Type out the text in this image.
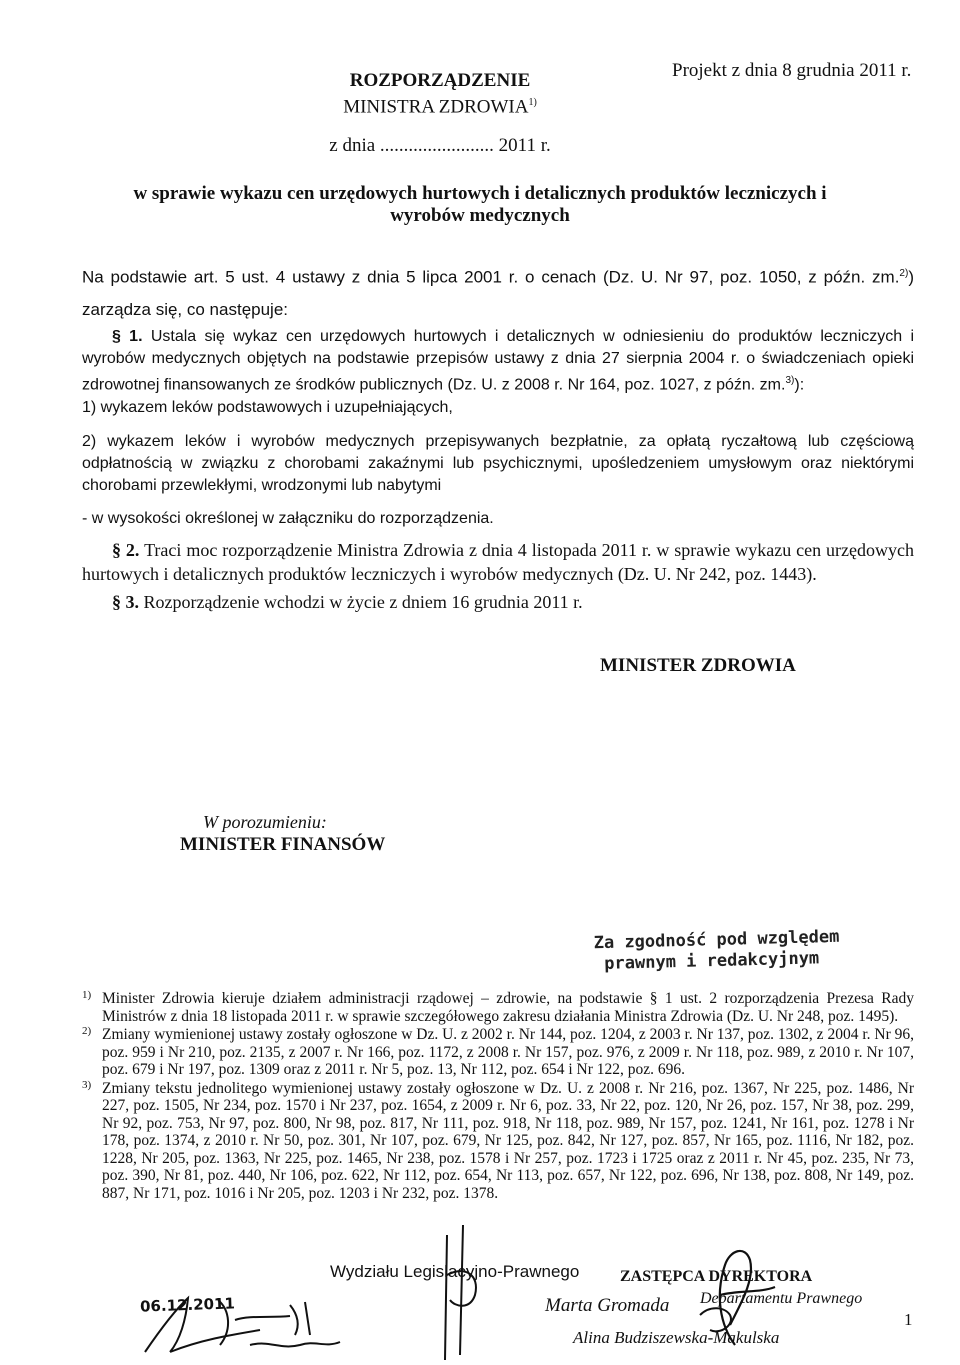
Projekt z dnia 8 grudnia 2011 r.
ROZPORZĄDZENIE
MINISTRA ZDROWIA$^{1)}$
z dnia ........................ 2011 r.
w sprawie wykazu cen urzędowych hurtowych i detalicznych produktów leczniczych i wyrobów medycznych
Na podstawie art. 5 ust. 4 ustawy z dnia 5 lipca 2001 r. o cenach (Dz. U. Nr 97, poz. 1050, z późn. zm.$^{2)}$) zarządza się, co następuje:
§ 1. Ustala się wykaz cen urzędowych hurtowych i detalicznych w odniesieniu do produktów leczniczych i wyrobów medycznych objętych na podstawie przepisów ustawy z dnia 27 sierpnia 2004 r. o świadczeniach opieki zdrowotnej finansowanych ze środków publicznych (Dz. U. z 2008 r. Nr 164, poz. 1027, z późn. zm.$^{3)}$):
1) wykazem leków podstawowych i uzupełniających,
2) wykazem leków i wyrobów medycznych przepisywanych bezpłatnie, za opłatą ryczałtową lub częściową odpłatnością w związku z chorobami zakaźnymi lub psychicznymi, upośledzeniem umysłowym oraz niektórymi chorobami przewlekłymi, wrodzonymi lub nabytymi
- w wysokości określonej w załączniku do rozporządzenia.
§ 2. Traci moc rozporządzenie Ministra Zdrowia z dnia 4 listopada 2011 r. w sprawie wykazu cen urzędowych hurtowych i detalicznych produktów leczniczych i wyrobów medycznych (Dz. U. Nr 242, poz. 1443).
§ 3. Rozporządzenie wchodzi w życie z dniem 16 grudnia 2011 r.
MINISTER ZDROWIA
W porozumieniu:
MINISTER FINANSÓW
Za zgodność pod względem
prawnym i redakcyjnym
1) Minister Zdrowia kieruje działem administracji rządowej – zdrowie, na podstawie § 1 ust. 2 rozporządzenia Prezesa Rady Ministrów z dnia 18 listopada 2011 r. w sprawie szczegółowego zakresu działania Ministra Zdrowia (Dz. U. Nr 248, poz. 1495).
2) Zmiany wymienionej ustawy zostały ogłoszone w Dz. U. z 2002 r. Nr 144, poz. 1204, z 2003 r. Nr 137, poz. 1302, z 2004 r. Nr 96, poz. 959 i Nr 210, poz. 2135, z 2007 r. Nr 166, poz. 1172, z 2008 r. Nr 157, poz. 976, z 2009 r. Nr 118, poz. 989, z 2010 r. Nr 107, poz. 679 i Nr 197, poz. 1309 oraz z 2011 r. Nr 5, poz. 13, Nr 112, poz. 654 i Nr 122, poz. 696.
3) Zmiany tekstu jednolitego wymienionej ustawy zostały ogłoszone w Dz. U. z 2008 r. Nr 216, poz. 1367, Nr 225, poz. 1486, Nr 227, poz. 1505, Nr 234, poz. 1570 i Nr 237, poz. 1654, z 2009 r. Nr 6, poz. 33, Nr 22, poz. 120, Nr 26, poz. 157, Nr 38, poz. 299, Nr 92, poz. 753, Nr 97, poz. 800, Nr 98, poz. 817, Nr 111, poz. 918, Nr 118, poz. 989, Nr 157, poz. 1241, Nr 161, poz. 1278 i Nr 178, poz. 1374, z 2010 r. Nr 50, poz. 301, Nr 107, poz. 679, Nr 125, poz. 842, Nr 127, poz. 857, Nr 165, poz. 1116, Nr 182, poz. 1228, Nr 205, poz. 1363, Nr 225, poz. 1465, Nr 238, poz. 1578 i Nr 257, poz. 1723 i 1725 oraz z 2011 r. Nr 45, poz. 235, Nr 73, poz. 390, Nr 81, poz. 440, Nr 106, poz. 622, Nr 112, poz. 654, Nr 113, poz. 657, Nr 122, poz. 696, Nr 138, poz. 808, Nr 149, poz. 887, Nr 171, poz. 1016 i Nr 205, poz. 1203 i Nr 232, poz. 1378.
Wydziału Legislacyjno-Prawnego	ZASTĘPCA DYREKTORA
Departamentu Prawnego
Marta Gromada
Alina Budziszewska-Makulska
06.12.2011
1
